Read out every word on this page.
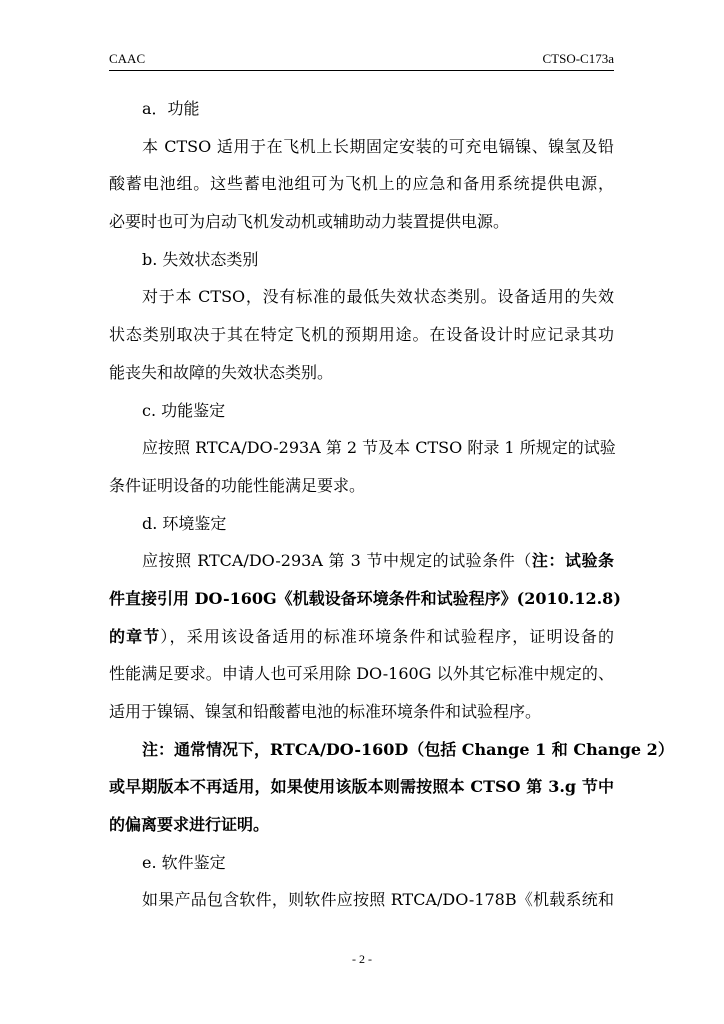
CAAC	CTSO-C173a
a．功能
本 CTSO 适用于在飞机上长期固定安装的可充电镉镍、镍氢及铅
酸蓄电池组。这些蓄电池组可为飞机上的应急和备用系统提供电源，
必要时也可为启动飞机发动机或辅助动力装置提供电源。
b. 失效状态类别
对于本 CTSO，没有标准的最低失效状态类别。设备适用的失效
状态类别取决于其在特定飞机的预期用途。在设备设计时应记录其功
能丧失和故障的失效状态类别。
c. 功能鉴定
应按照 RTCA/DO-293A 第 2 节及本 CTSO 附录 1 所规定的试验
条件证明设备的功能性能满足要求。
d. 环境鉴定
应按照 RTCA/DO-293A 第 3 节中规定的试验条件（注：试验条
件直接引用 DO-160G《机载设备环境条件和试验程序》(2010.12.8)
的章节），采用该设备适用的标准环境条件和试验程序，证明设备的
性能满足要求。申请人也可采用除 DO-160G 以外其它标准中规定的、
适用于镍镉、镍氢和铅酸蓄电池的标准环境条件和试验程序。
注：通常情况下，RTCA/DO-160D（包括 Change 1 和 Change 2）
或早期版本不再适用，如果使用该版本则需按照本 CTSO 第 3.g 节中
的偏离要求进行证明。
e. 软件鉴定
如果产品包含软件，则软件应按照 RTCA/DO-178B《机载系统和
- 2 -
